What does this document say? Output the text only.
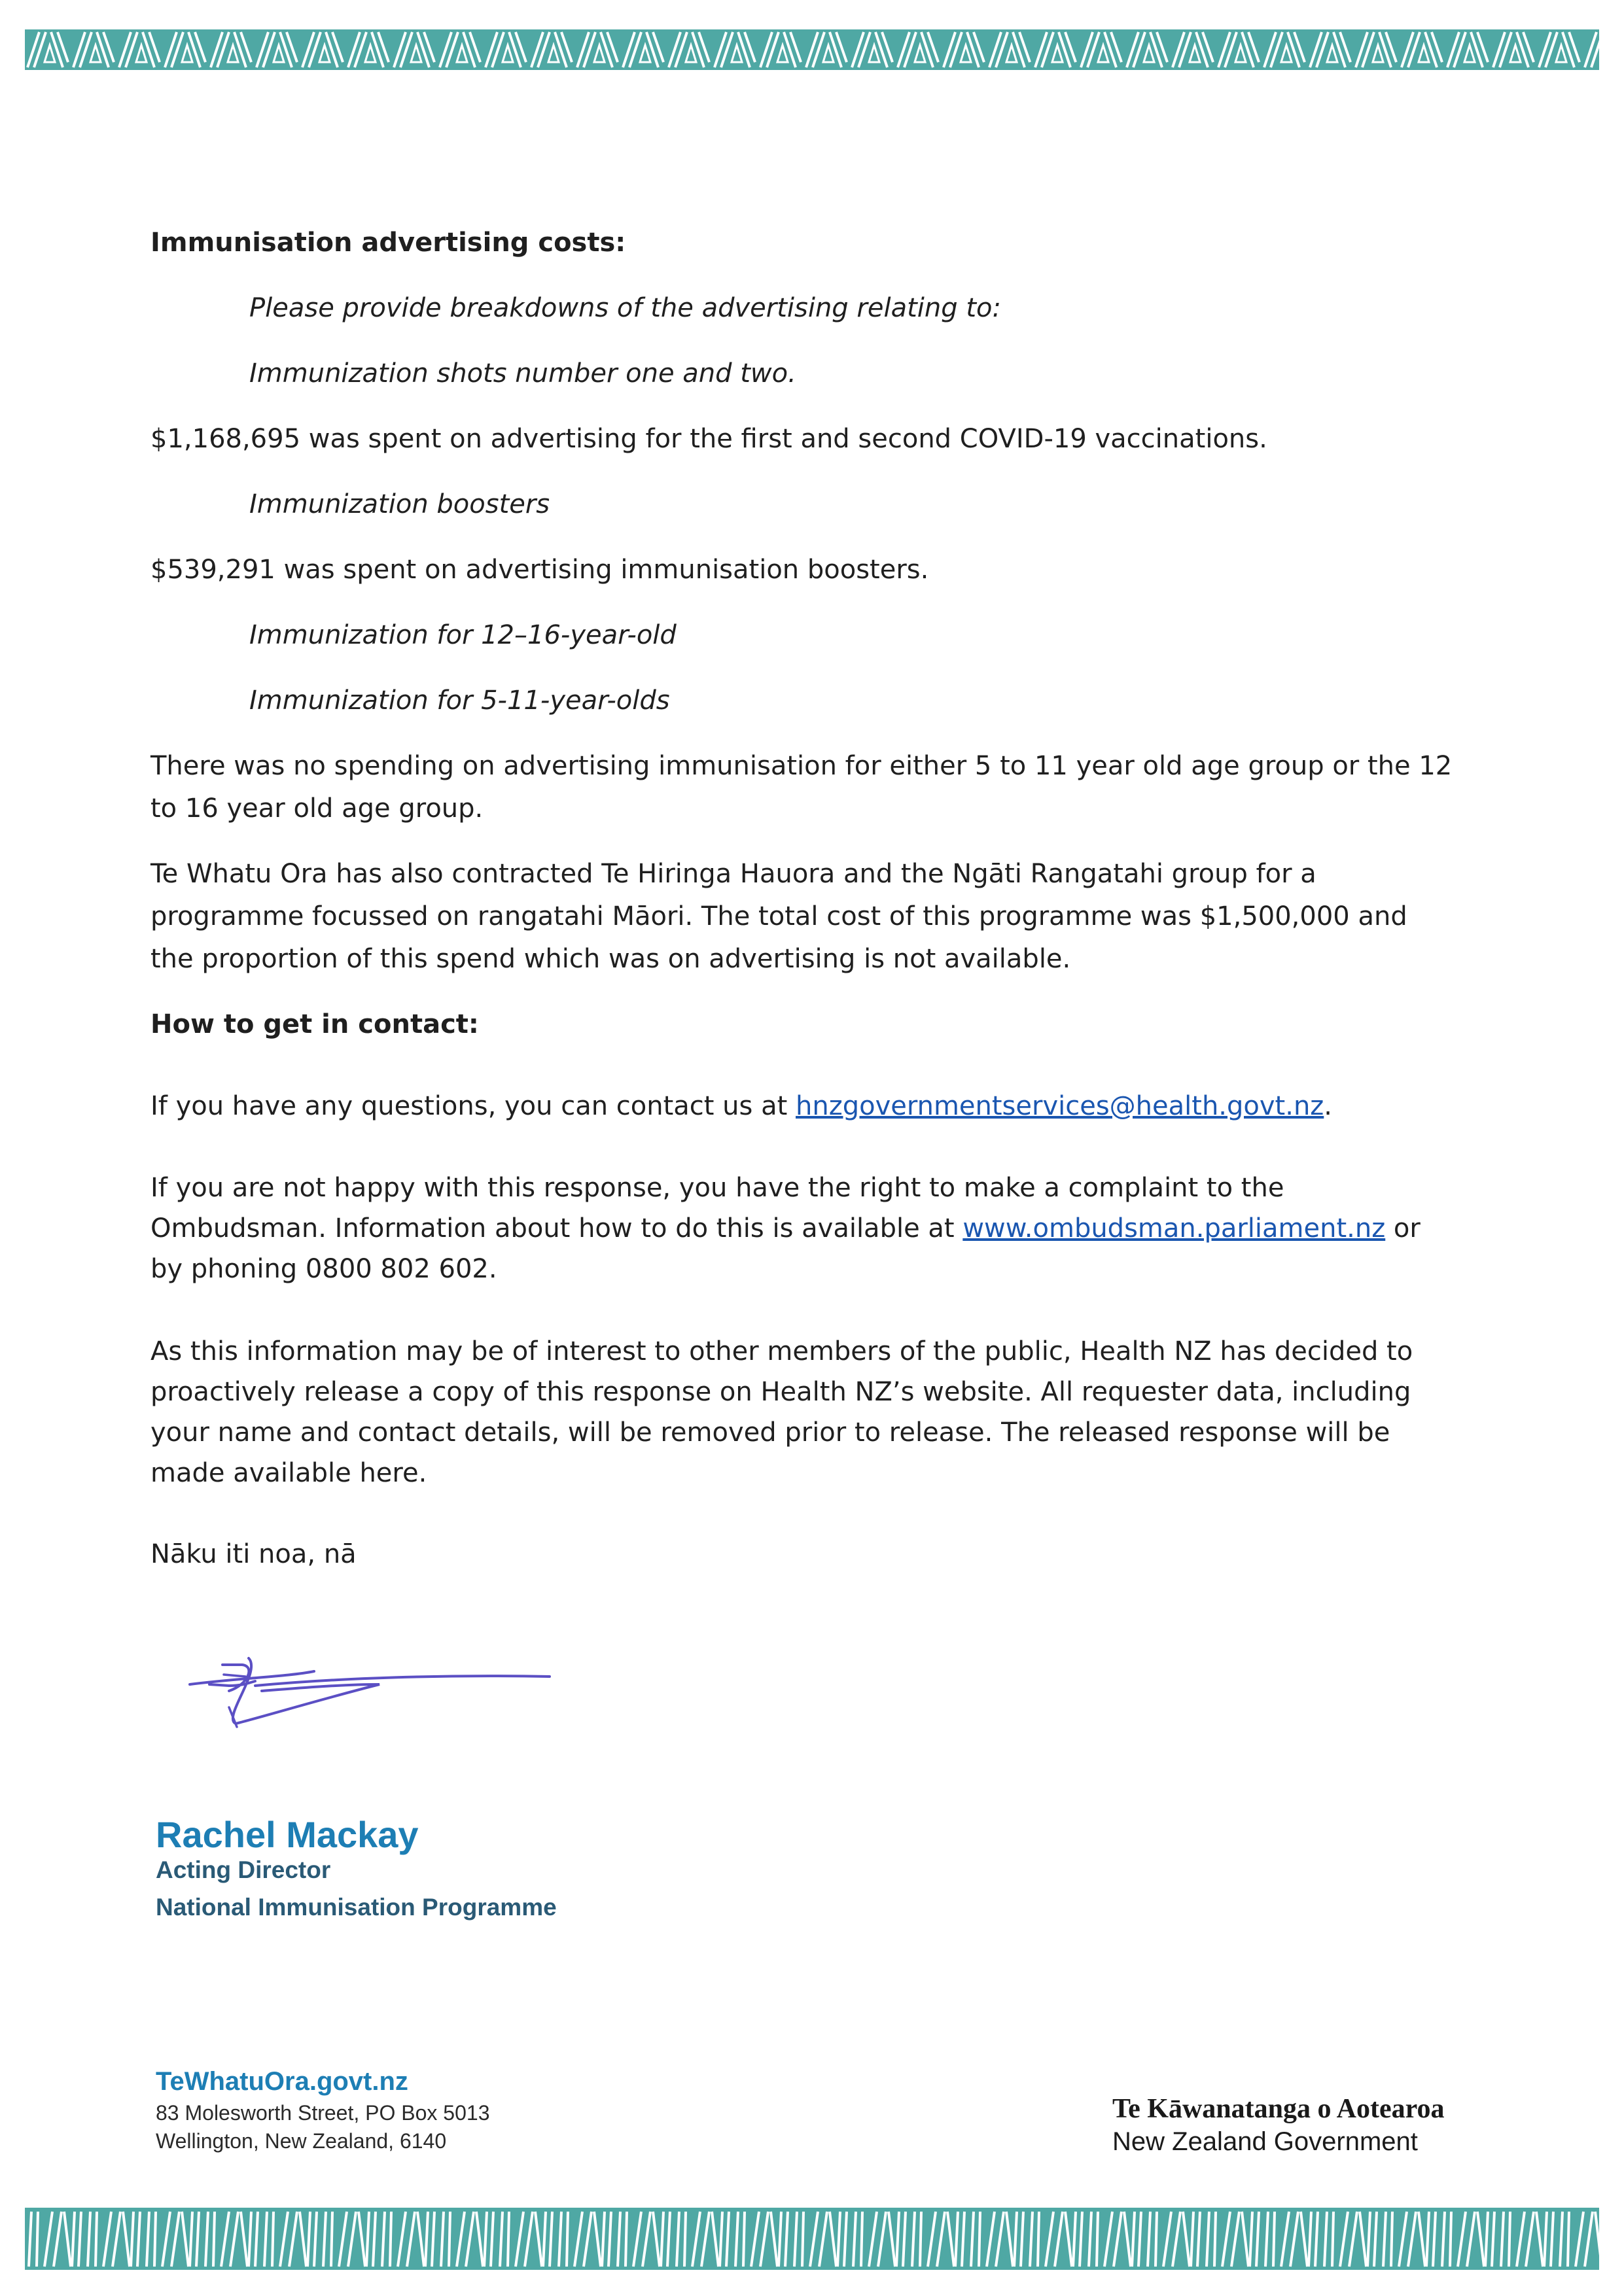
Immunisation advertising costs:
Please provide breakdowns of the advertising relating to:
Immunization shots number one and two.
$1,168,695 was spent on advertising for the first and second COVID-19 vaccinations.
Immunization boosters
$539,291 was spent on advertising immunisation boosters.
Immunization for 12–16-year-old
Immunization for 5-11-year-olds
There was no spending on advertising immunisation for either 5 to 11 year old age group or the 12
to 16 year old age group.
Te Whatu Ora has also contracted Te Hiringa Hauora and the Ngāti Rangatahi group for a
programme focussed on rangatahi Māori. The total cost of this programme was $1,500,000 and
the proportion of this spend which was on advertising is not available.
How to get in contact:
If you have any questions, you can contact us at hnzgovernmentservices@health.govt.nz.
If you are not happy with this response, you have the right to make a complaint to the
Ombudsman. Information about how to do this is available at www.ombudsman.parliament.nz or
by phoning 0800 802 602.
As this information may be of interest to other members of the public, Health NZ has decided to
proactively release a copy of this response on Health NZ’s website. All requester data, including
your name and contact details, will be removed prior to release. The released response will be
made available here.
Nāku iti noa, nā
Rachel Mackay
Acting Director
National Immunisation Programme
TeWhatuOra.govt.nz
83 Molesworth Street, PO Box 5013
Wellington, New Zealand, 6140
Te Kāwanatanga o Aotearoa
New Zealand Government
